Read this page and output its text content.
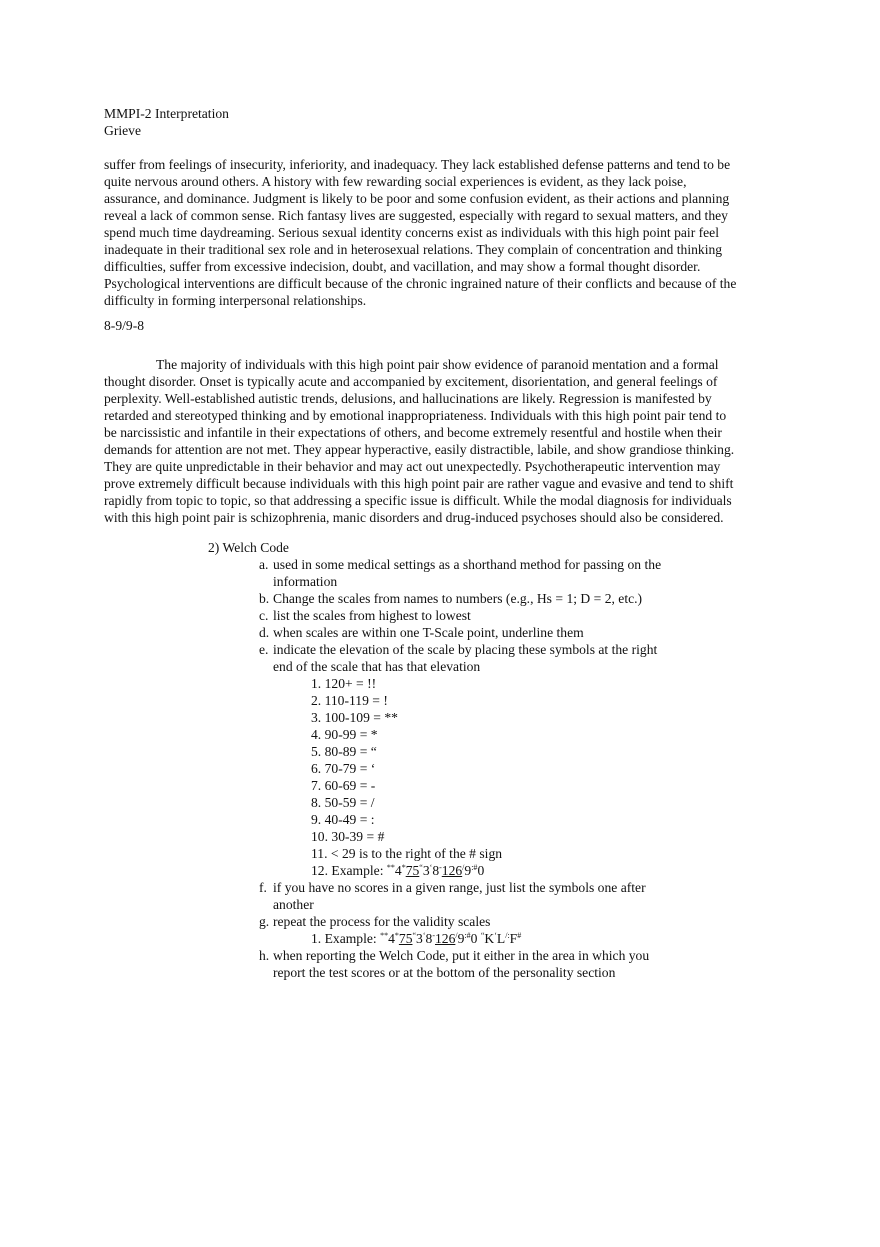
MMPI-2 Interpretation
Grieve
suffer from feelings of insecurity, inferiority, and inadequacy. They lack established defense patterns and tend to be
quite nervous around others. A history with few rewarding social experiences is evident, as they lack poise,
assurance, and dominance. Judgment is likely to be poor and some confusion evident, as their actions and planning
reveal a lack of common sense. Rich fantasy lives are suggested, especially with regard to sexual matters, and they
spend much time daydreaming. Serious sexual identity concerns exist as individuals with this high point pair feel
inadequate in their traditional sex role and in heterosexual relations. They complain of concentration and thinking
difficulties, suffer from excessive indecision, doubt, and vacillation, and may show a formal thought disorder.
Psychological interventions are difficult because of the chronic ingrained nature of their conflicts and because of the
difficulty in forming interpersonal relationships.
8-9/9-8
The majority of individuals with this high point pair show evidence of paranoid mentation and a formal
thought disorder. Onset is typically acute and accompanied by excitement, disorientation, and general feelings of
perplexity. Well-established autistic trends, delusions, and hallucinations are likely. Regression is manifested by
retarded and stereotyped thinking and by emotional inappropriateness. Individuals with this high point pair tend to
be narcissistic and infantile in their expectations of others, and become extremely resentful and hostile when their
demands for attention are not met. They appear hyperactive, easily distractible, labile, and show grandiose thinking.
They are quite unpredictable in their behavior and may act out unexpectedly. Psychotherapeutic intervention may
prove extremely difficult because individuals with this high point pair are rather vague and evasive and tend to shift
rapidly from topic to topic, so that addressing a specific issue is difficult. While the modal diagnosis for individuals
with this high point pair is schizophrenia, manic disorders and drug-induced psychoses should also be considered.
2) Welch Code
a. used in some medical settings as a shorthand method for passing on the
information
b. Change the scales from names to numbers (e.g., Hs = 1; D = 2, etc.)
c. list the scales from highest to lowest
d. when scales are within one T-Scale point, underline them
e. indicate the elevation of the scale by placing these symbols at the right
end of the scale that has that elevation
1. 120+ = !!
2. 110-119 = !
3. 100-109 = **
4. 90-99 = *
5. 80-89 = “
6. 70-79 = ‘
7. 60-69 = -
8. 50-59 = /
9. 40-49 = :
10. 30-39 = #
11. < 29 is to the right of the # sign
12. Example: **4*75“3‘8-126/9:#0
f. if you have no scores in a given range, just list the symbols one after
another
g. repeat the process for the validity scales
1. Example: **4*75“3‘8-126/9:#0 “K‘L/:F#
h. when reporting the Welch Code, put it either in the area in which you
report the test scores or at the bottom of the personality section
